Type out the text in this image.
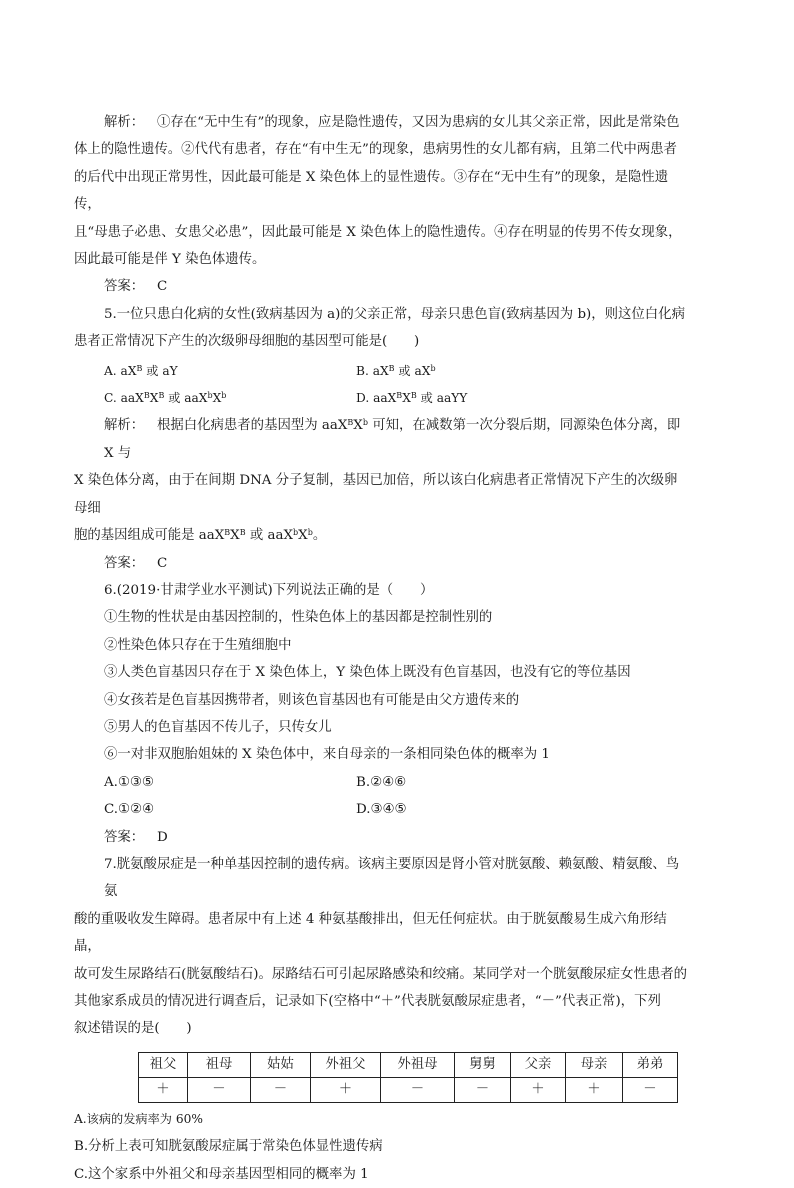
解析： ①存在“无中生有”的现象，应是隐性遗传，又因为患病的女儿其父亲正常，因此是常染色

体上的隐性遗传。②代代有患者，存在“有中生无”的现象，患病男性的女儿都有病，且第二代中两患者

的后代中出现正常男性，因此最可能是 X 染色体上的显性遗传。③存在“无中生有”的现象，是隐性遗传，

且“母患子必患、女患父必患”，因此最可能是 X 染色体上的隐性遗传。④存在明显的传男不传女现象，

因此最可能是伴 Y 染色体遗传。

答案： C

5.一位只患白化病的女性(致病基因为 a)的父亲正常，母亲只患色盲(致病基因为 b)，则这位白化病

患者正常情况下产生的次级卵母细胞的基因型可能是(　　)

A. $aX^B$ 或 aY	B. $aX^B$ 或 $aX^b$
C. $aaX^BX^B$ 或 $aaX^bX^b$	D. $aaX^BX^B$ 或 aaYY

解析： 根据白化病患者的基因型为 $aaX^BX^b$ 可知，在减数第一次分裂后期，同源染色体分离，即 X 与

X 染色体分离，由于在间期 DNA 分子复制，基因已加倍，所以该白化病患者正常情况下产生的次级卵母细

胞的基因组成可能是 $aaX^BX^B$ 或 $aaX^bX^b$。

答案： C

6.(2019·甘肃学业水平测试)下列说法正确的是（　　）

①生物的性状是由基因控制的，性染色体上的基因都是控制性别的

②性染色体只存在于生殖细胞中

③人类色盲基因只存在于 X 染色体上，Y 染色体上既没有色盲基因，也没有它的等位基因

④女孩若是色盲基因携带者，则该色盲基因也有可能是由父方遗传来的

⑤男人的色盲基因不传儿子，只传女儿

⑥一对非双胞胎姐妹的 X 染色体中，来自母亲的一条相同染色体的概率为 1

A.①③⑤	B.②④⑥
C.①②④	D.③④⑤

答案： D

7.胱氨酸尿症是一种单基因控制的遗传病。该病主要原因是肾小管对胱氨酸、赖氨酸、精氨酸、鸟氨

酸的重吸收发生障碍。患者尿中有上述 4 种氨基酸排出，但无任何症状。由于胱氨酸易生成六角形结晶，

故可发生尿路结石(胱氨酸结石)。尿路结石可引起尿路感染和绞痛。某同学对一个胱氨酸尿症女性患者的

其他家系成员的情况进行调查后，记录如下(空格中“＋”代表胱氨酸尿症患者，“－”代表正常)，下列

叙述错误的是(　　)

祖父	祖母	姑姑	外祖父	外祖母	舅舅	父亲	母亲	弟弟
＋	－	－	＋	－	－	＋	＋	－

A.该病的发病率为 60%

B.分析上表可知胱氨酸尿症属于常染色体显性遗传病

C.这个家系中外祖父和母亲基因型相同的概率为 1
